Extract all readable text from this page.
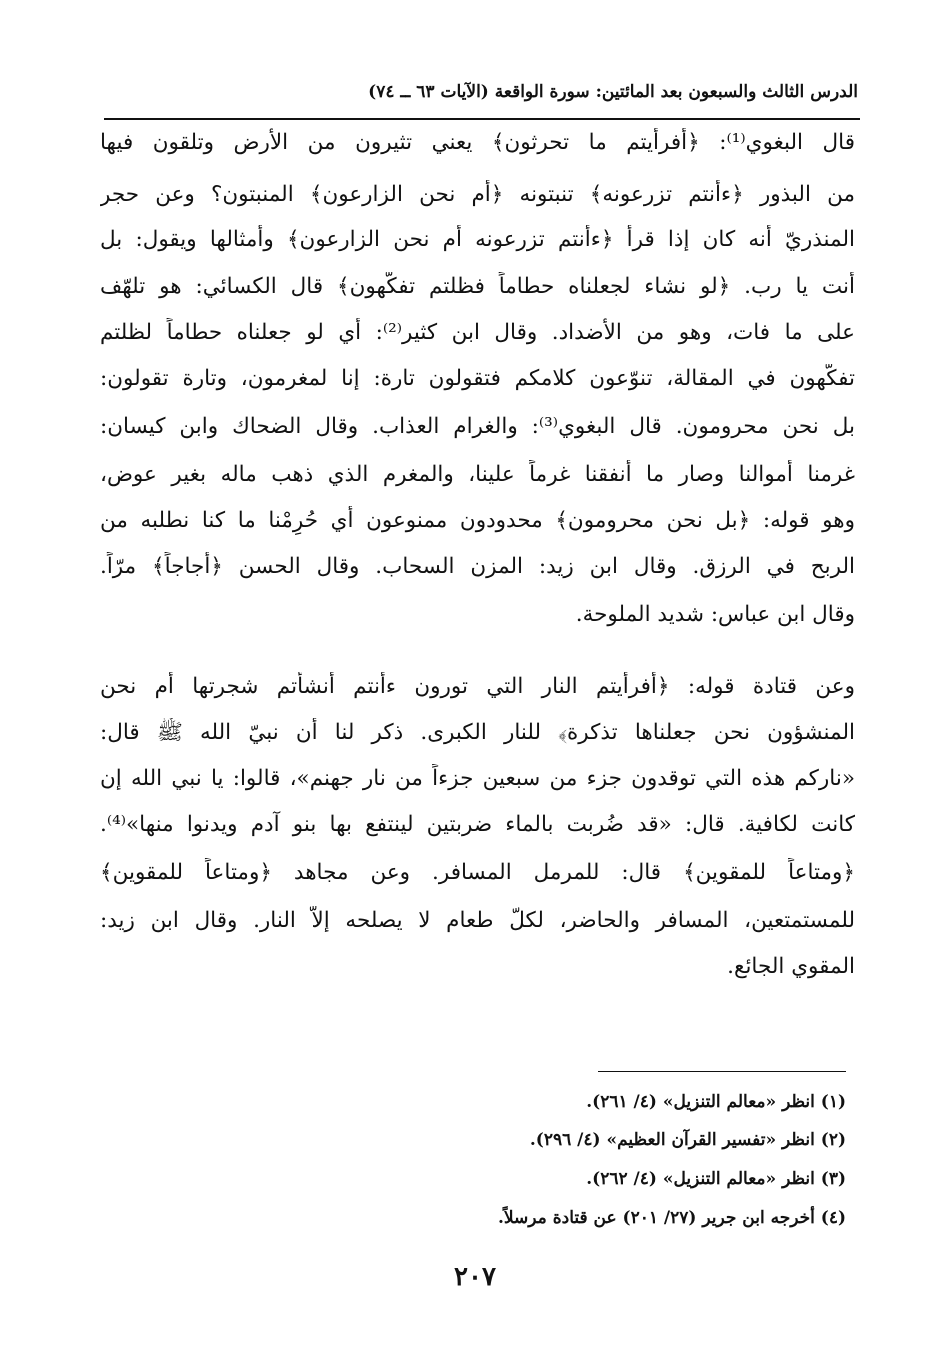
الدرس الثالث والسبعون بعد المائتين: سورة الواقعة (الآيات ٦٣ ــ ٧٤)
قال البغوي⁽¹⁾: ﴿أفرأيتم ما تحرثون﴾ يعني تثيرون من الأرض وتلقون فيها
من البذور ﴿ءأنتم تزرعونه﴾ تنبتونه ﴿أم نحن الزارعون﴾ المنبتون؟ وعن حجر
المنذريّ أنه كان إذا قرأ ﴿ءأنتم تزرعونه أم نحن الزارعون﴾ وأمثالها ويقول: بل
أنت يا رب. ﴿لو نشاء لجعلناه حطاماً فظلتم تفكّهون﴾ قال الكسائي: هو تلهّف
على ما فات، وهو من الأضداد. وقال ابن كثير⁽²⁾: أي لو جعلناه حطاماً لظلتم
تفكّهون في المقالة، تنوّعون كلامكم فتقولون تارة: إنا لمغرمون، وتارة تقولون:
بل نحن محرومون. قال البغوي⁽³⁾: والغرام العذاب. وقال الضحاك وابن كيسان:
غرمنا أموالنا وصار ما أنفقنا غرماً علينا، والمغرم الذي ذهب ماله بغير عوض،
وهو قوله: ﴿بل نحن محرومون﴾ محدودون ممنوعون أي حُرِمْنا ما كنا نطلبه من
الربح في الرزق. وقال ابن زيد: المزن السحاب. وقال الحسن ﴿أجاجاً﴾ مرّاً.
وقال ابن عباس: شديد الملوحة.
وعن قتادة قوله: ﴿أفرأيتم النار التي تورون ءأنتم أنشأتم شجرتها أم نحن
المنشؤون نحن جعلناها تذكرة﴾ للنار الكبرى. ذكر لنا أن نبيّ الله ﷺ قال:
«ناركم هذه التي توقدون جزء من سبعين جزءاً من نار جهنم»، قالوا: يا نبي الله إن
كانت لكافية. قال: «قد ضُربت بالماء ضربتين لينتفع بها بنو آدم ويدنوا منها»⁽⁴⁾.
﴿ومتاعاً للمقوين﴾ قال: للمرمل المسافر. وعن مجاهد ﴿ومتاعاً للمقوين﴾
للمستمتعين، المسافر والحاضر، لكلّ طعام لا يصلحه إلاّ النار. وقال ابن زيد:
المقوي الجائع.
(١) انظر «معالم التنزيل» (٤/ ٢٦١).
(٢) انظر «تفسير القرآن العظيم» (٤/ ٢٩٦).
(٣) انظر «معالم التنزيل» (٤/ ٢٦٢).
(٤) أخرجه ابن جرير (٢٧/ ٢٠١) عن قتادة مرسلاً.
٢٠٧
